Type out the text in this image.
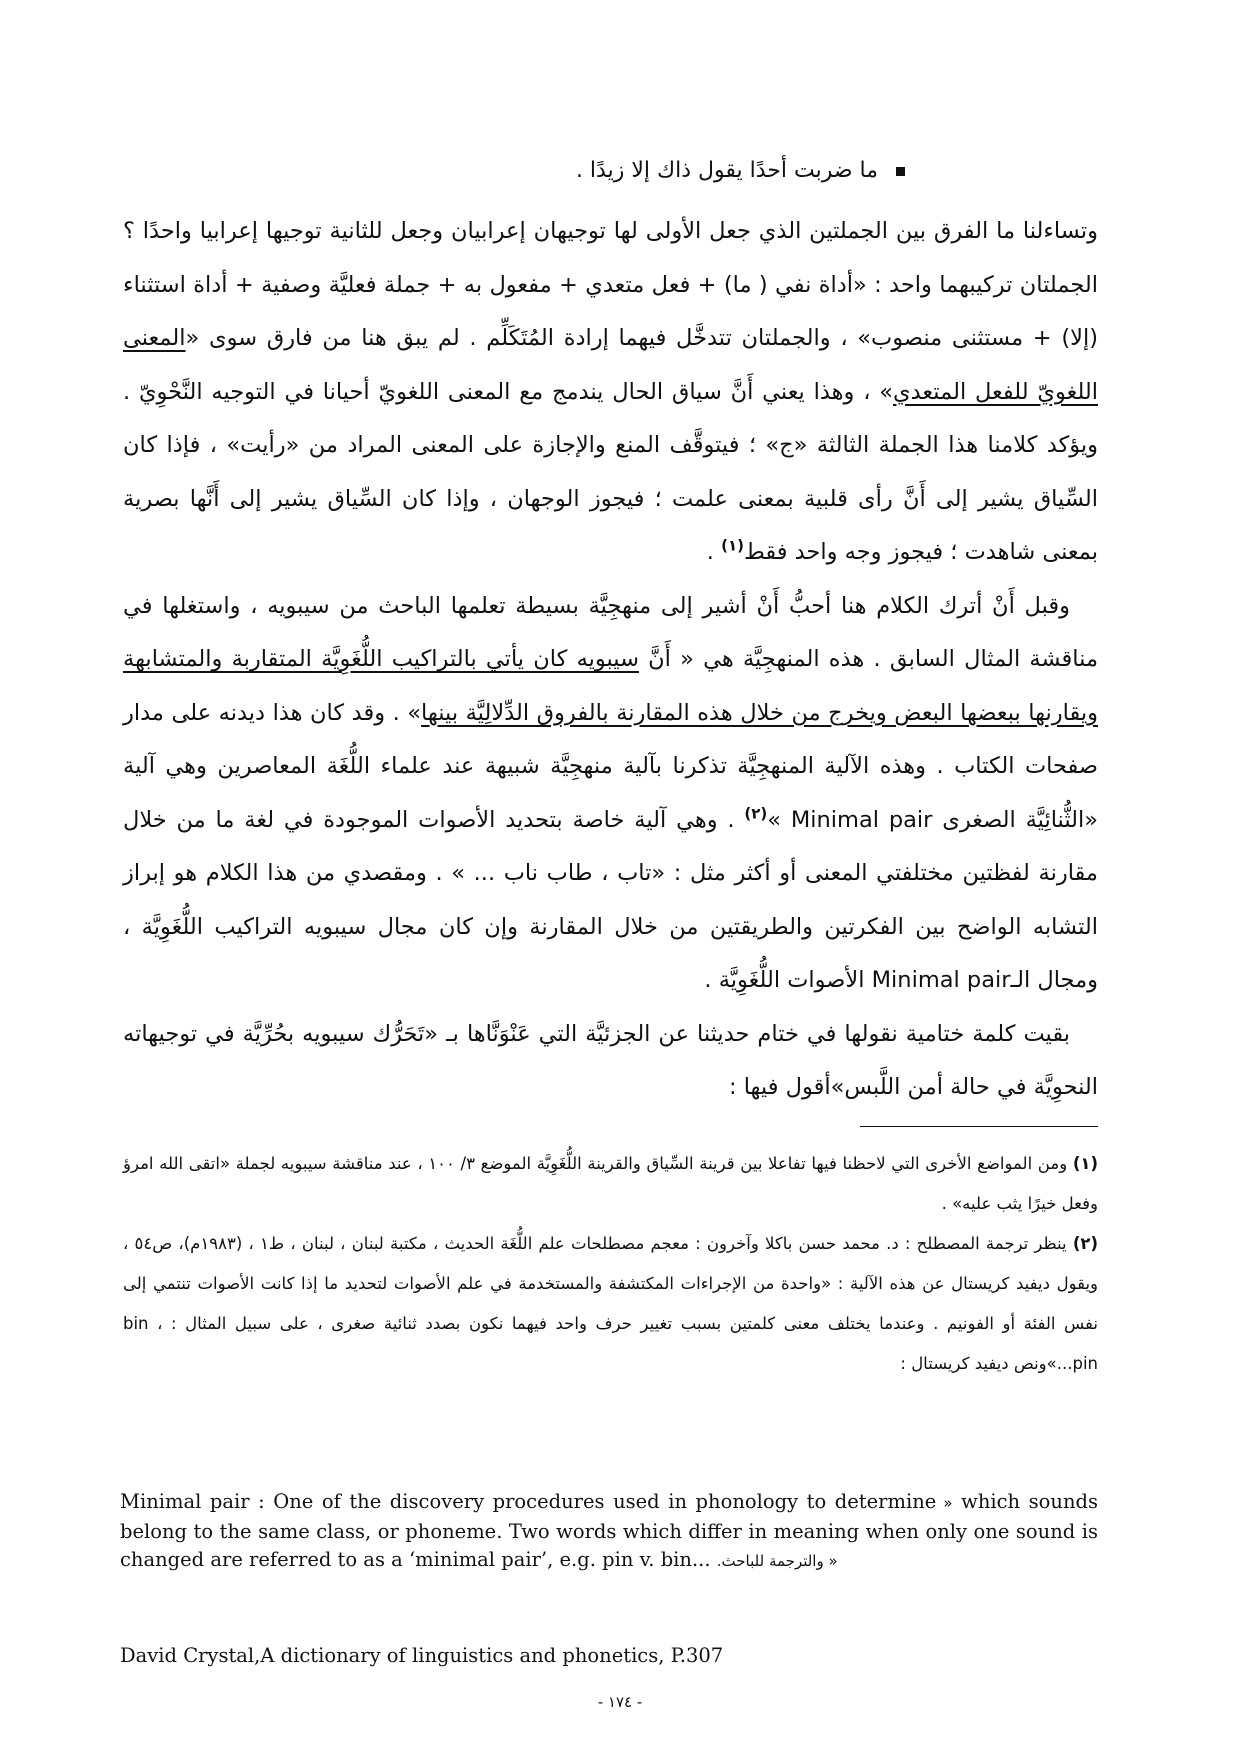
ما ضربت أحدًا يقول ذاك إلا زيدًا .

وتساءلنا ما الفرق بين الجملتين الذي جعل الأولى لها توجيهان إعرابيان وجعل للثانية توجيها إعرابيا واحدًا ؟ الجملتان تركيبهما واحد : «أداة نفي ( ما) + فعل متعدي + مفعول به + جملة فعليَّة وصفية + أداة استثناء (إلا) + مستثنى منصوب» ، والجملتان تتدخَّل فيهما إرادة المُتَكَلِّم . لم يبق هنا من فارق سوى «المعنى اللغويّ للفعل المتعدي» ، وهذا يعني أَنَّ سياق الحال يندمج مع المعنى اللغويّ أحيانا في التوجيه النَّحْوِيّ . ويؤكد كلامنا هذا الجملة الثالثة «ج» ؛ فيتوقَّف المنع والإجازة على المعنى المراد من «رأيت» ، فإذا كان السِّياق يشير إلى أَنَّ رأى قلبية بمعنى علمت ؛ فيجوز الوجهان ، وإذا كان السِّياق يشير إلى أَنَّها بصرية بمعنى شاهدت ؛ فيجوز وجه واحد فقط$^{(١)}$ .

وقبل أَنْ أترك الكلام هنا أحبُّ أَنْ أشير إلى منهجِيَّة بسيطة تعلمها الباحث من سيبويه ، واستغلها في مناقشة المثال السابق . هذه المنهجِيَّة هي « أَنَّ سيبويه كان يأتي بالتراكيب اللُّغَوِيَّة المتقاربة والمتشابهة ويقارنها ببعضها البعض ويخرج من خلال هذه المقارنة بالفروق الدِّلالِيَّة بينها» . وقد كان هذا ديدنه على مدار صفحات الكتاب . وهذه الآلية المنهجِيَّة تذكرنا بآلية منهجِيَّة شبيهة عند علماء اللُّغَة المعاصرين وهي آلية «الثُّنائِيَّة الصغرى Minimal pair »$^{(٢)}$ . وهي آلية خاصة بتحديد الأصوات الموجودة في لغة ما من خلال مقارنة لفظتين مختلفتي المعنى أو أكثر مثل : «تاب ، طاب ناب ... » . ومقصدي من هذا الكلام هو إبراز التشابه الواضح بين الفكرتين والطريقتين من خلال المقارنة وإن كان مجال سيبويه التراكيب اللُّغَوِيَّة ، ومجال الـMinimal pair الأصوات اللُّغَوِيَّة .

بقيت كلمة ختامية نقولها في ختام حديثنا عن الجزئيَّة التي عَنْوَنَّاها بـ «تَحَرُّك سيبويه بحُرِّيَّة في توجيهاته النحوِيَّة في حالة أمن اللَّبس»أقول فيها :

(١) ومن المواضع الأخرى التي لاحظنا فيها تفاعلا بين قرينة السِّياق والقرينة اللُّغَوِيَّة الموضع ٣/ ١٠٠ ، عند مناقشة سيبويه لجملة «اتقى الله امرؤ وفعل خيرًا يثب عليه» .

(٢) ينظر ترجمة المصطلح : د. محمد حسن باكلا وآخرون : معجم مصطلحات علم اللُّغَة الحديث ، مكتبة لبنان ، لبنان ، ط١ ، (١٩٨٣م)، ص٥٤ ، ويقول ديفيد كريستال عن هذه الآلية : «واحدة من الإجراءات المكتشفة والمستخدمة في علم الأصوات لتحديد ما إذا كانت الأصوات تنتمي إلى نفس الفئة أو الفونيم . وعندما يختلف معنى كلمتين بسبب تغيير حرف واحد فيهما نكون بصدد ثنائية صغرى ، على سبيل المثال : bin ، pin...»ونص ديفيد كريستال :

Minimal pair : One of the discovery procedures used in phonology to determine » which sounds belong to the same class, or phoneme. Two words which differ in meaning when only one sound is changed are referred to as a ‘minimal pair’, e.g. pin v. bin... « والترجمة للباحث.

David Crystal,A dictionary of linguistics and phonetics, P.307
- ١٧٤ -
